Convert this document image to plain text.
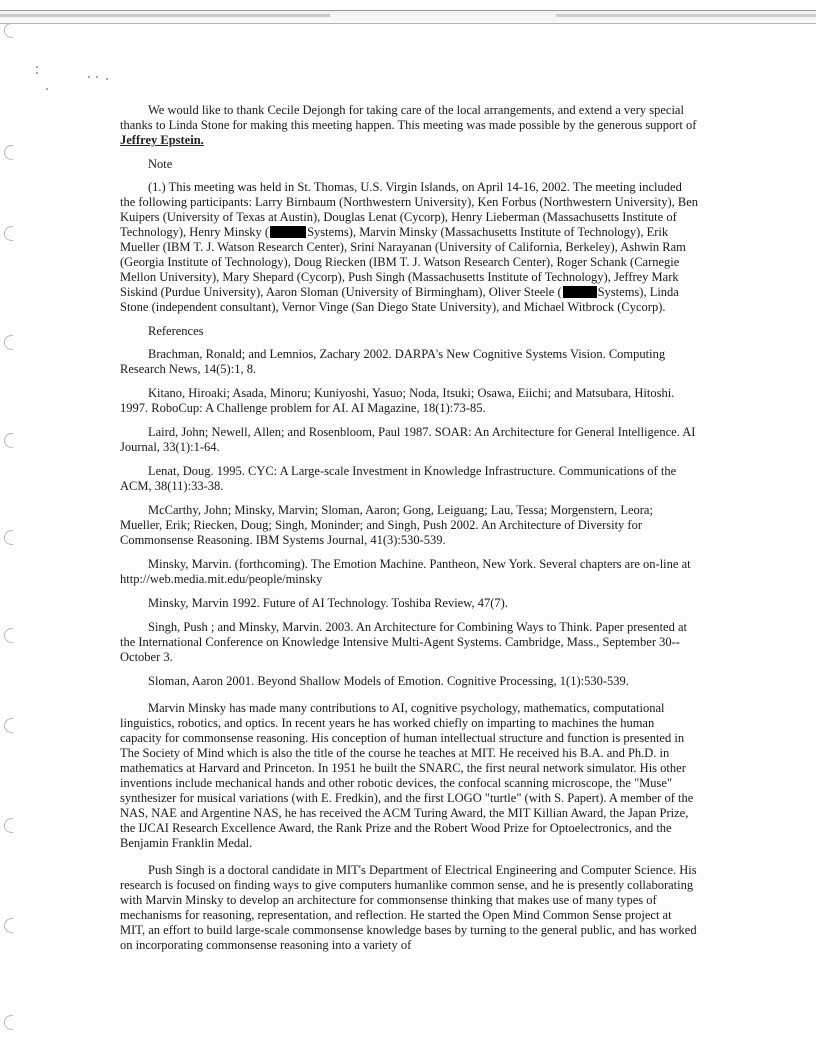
We would like to thank Cecile Dejongh for taking care of the local arrangements, and extend a very special thanks to Linda Stone for making this meeting happen. This meeting was made possible by the generous support of Jeffrey Epstein.

Note

(1.) This meeting was held in St. Thomas, U.S. Virgin Islands, on April 14-16, 2002. The meeting included the following participants: Larry Birnbaum (Northwestern University), Ken Forbus (Northwestern University), Ben Kuipers (University of Texas at Austin), Douglas Lenat (Cycorp), Henry Lieberman (Massachusetts Institute of Technology), Henry Minsky (	Systems), Marvin Minsky (Massachusetts Institute of Technology), Erik Mueller (IBM T. J. Watson Research Center), Srini Narayanan (University of California, Berkeley), Ashwin Ram (Georgia Institute of Technology), Doug Riecken (IBM T. J. Watson Research Center), Roger Schank (Carnegie Mellon University), Mary Shepard (Cycorp), Push Singh (Massachusetts Institute of Technology), Jeffrey Mark Siskind (Purdue University), Aaron Sloman (University of Birmingham), Oliver Steele (	Systems), Linda Stone (independent consultant), Vernor Vinge (San Diego State University), and Michael Witbrock (Cycorp).

References

Brachman, Ronald; and Lemnios, Zachary 2002. DARPA's New Cognitive Systems Vision. Computing Research News, 14(5):1, 8.

Kitano, Hiroaki; Asada, Minoru; Kuniyoshi, Yasuo; Noda, Itsuki; Osawa, Eiichi; and Matsubara, Hitoshi. 1997. RoboCup: A Challenge problem for AI. AI Magazine, 18(1):73-85.

Laird, John; Newell, Allen; and Rosenbloom, Paul 1987. SOAR: An Architecture for General Intelligence. AI Journal, 33(1):1-64.

Lenat, Doug. 1995. CYC: A Large-scale Investment in Knowledge Infrastructure. Communications of the ACM, 38(11):33-38.

McCarthy, John; Minsky, Marvin; Sloman, Aaron; Gong, Leiguang; Lau, Tessa; Morgenstern, Leora; Mueller, Erik; Riecken, Doug; Singh, Moninder; and Singh, Push 2002. An Architecture of Diversity for Commonsense Reasoning. IBM Systems Journal, 41(3):530-539.

Minsky, Marvin. (forthcoming). The Emotion Machine. Pantheon, New York. Several chapters are on-line at http://web.media.mit.edu/people/minsky

Minsky, Marvin 1992. Future of AI Technology. Toshiba Review, 47(7).

Singh, Push ; and Minsky, Marvin. 2003. An Architecture for Combining Ways to Think. Paper presented at the International Conference on Knowledge Intensive Multi-Agent Systems. Cambridge, Mass., September 30--October 3.

Sloman, Aaron 2001. Beyond Shallow Models of Emotion. Cognitive Processing, 1(1):530-539.

Marvin Minsky has made many contributions to AI, cognitive psychology, mathematics, computational linguistics, robotics, and optics. In recent years he has worked chiefly on imparting to machines the human capacity for commonsense reasoning. His conception of human intellectual structure and function is presented in The Society of Mind which is also the title of the course he teaches at MIT. He received his B.A. and Ph.D. in mathematics at Harvard and Princeton. In 1951 he built the SNARC, the first neural network simulator. His other inventions include mechanical hands and other robotic devices, the confocal scanning microscope, the "Muse" synthesizer for musical variations (with E. Fredkin), and the first LOGO "turtle" (with S. Papert). A member of the NAS, NAE and Argentine NAS, he has received the ACM Turing Award, the MIT Killian Award, the Japan Prize, the IJCAI Research Excellence Award, the Rank Prize and the Robert Wood Prize for Optoelectronics, and the Benjamin Franklin Medal.

Push Singh is a doctoral candidate in MIT's Department of Electrical Engineering and Computer Science. His research is focused on finding ways to give computers humanlike common sense, and he is presently collaborating with Marvin Minsky to develop an architecture for commonsense thinking that makes use of many types of mechanisms for reasoning, representation, and reflection. He started the Open Mind Common Sense project at MIT, an effort to build large-scale commonsense knowledge bases by turning to the general public, and has worked on incorporating commonsense reasoning into a variety of
